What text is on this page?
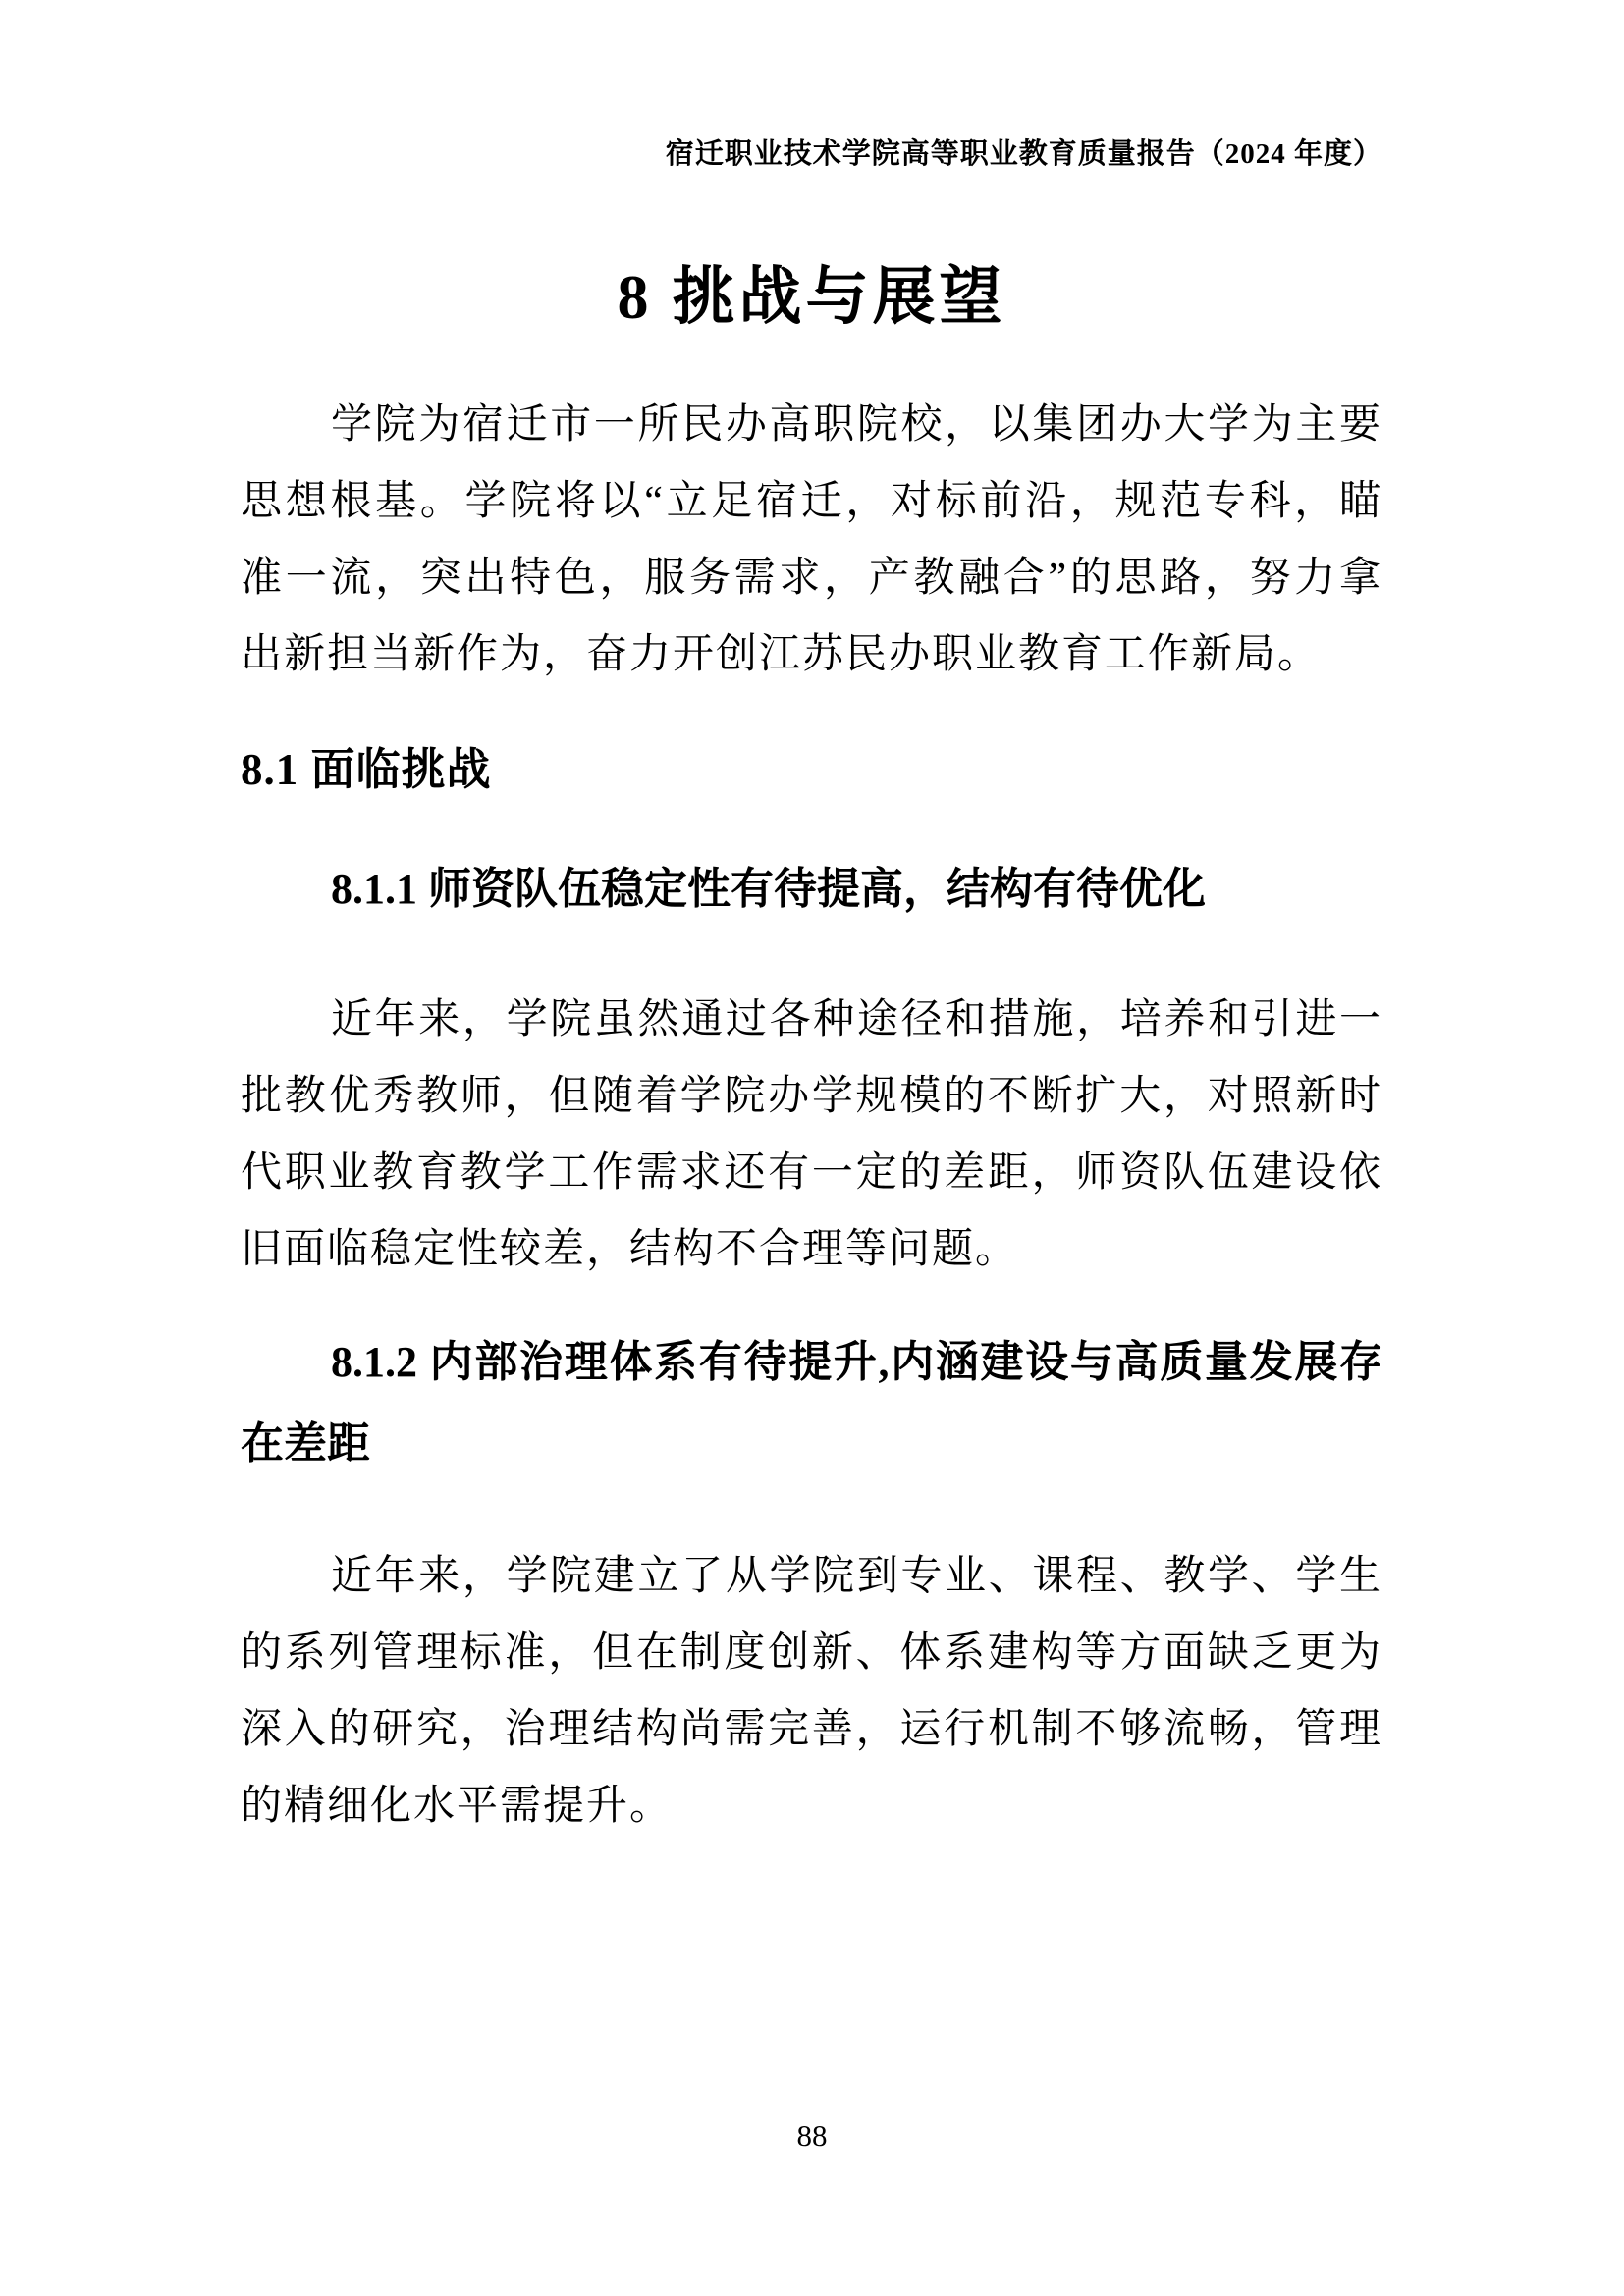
宿迁职业技术学院高等职业教育质量报告（2024 年度）
8 挑战与展望

学院为宿迁市一所民办高职院校，以集团办大学为主要思想根基。学院将以“立足宿迁，对标前沿，规范专科，瞄准一流，突出特色，服务需求，产教融合”的思路，努力拿出新担当新作为，奋力开创江苏民办职业教育工作新局。

8.1 面临挑战
8.1.1 师资队伍稳定性有待提高，结构有待优化

近年来，学院虽然通过各种途径和措施，培养和引进一批教优秀教师，但随着学院办学规模的不断扩大，对照新时代职业教育教学工作需求还有一定的差距，师资队伍建设依旧面临稳定性较差，结构不合理等问题。

8.1.2 内部治理体系有待提升,内涵建设与高质量发展存在差距

近年来，学院建立了从学院到专业、课程、教学、学生的系列管理标准，但在制度创新、体系建构等方面缺乏更为深入的研究，治理结构尚需完善，运行机制不够流畅，管理的精细化水平需提升。

88
